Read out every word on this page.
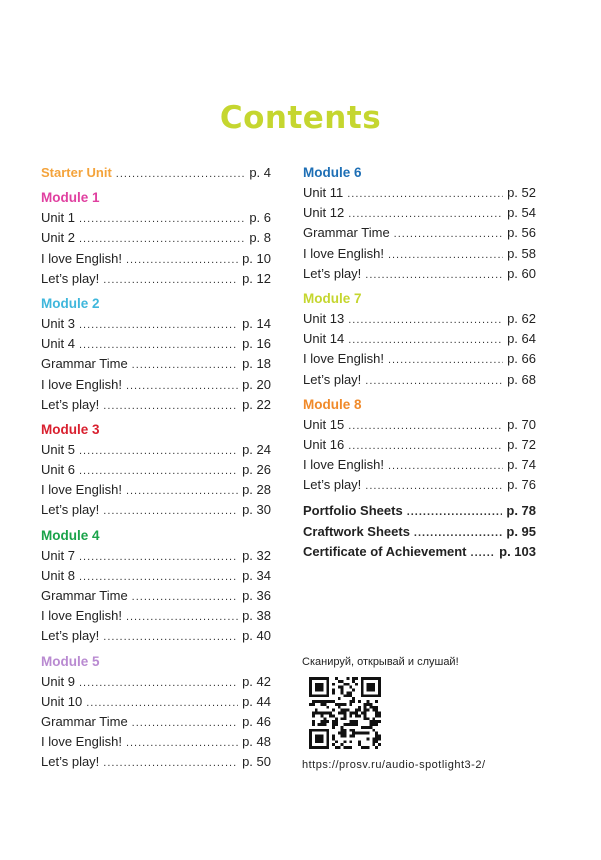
Contents
Starter Unit .....	p. 4
Module 1
Unit 1 .....	p. 6
Unit 2 .....	p. 8
I love English! .....	p. 10
Let’s play! .....	p. 12
Module 2
Unit 3 .....	p. 14
Unit 4 .....	p. 16
Grammar Time .....	p. 18
I love English! .....	p. 20
Let’s play! .....	p. 22
Module 3
Unit 5 .....	p. 24
Unit 6 .....	p. 26
I love English! .....	p. 28
Let’s play! .....	p. 30
Module 4
Unit 7 .....	p. 32
Unit 8 .....	p. 34
Grammar Time .....	p. 36
I love English! .....	p. 38
Let’s play! .....	p. 40
Module 5
Unit 9 .....	p. 42
Unit 10 .....	p. 44
Grammar Time .....	p. 46
I love English! .....	p. 48
Let’s play! .....	p. 50
Module 6
Unit 11 .....	p. 52
Unit 12 .....	p. 54
Grammar Time .....	p. 56
I love English! .....	p. 58
Let’s play! .....	p. 60
Module 7
Unit 13 .....	p. 62
Unit 14 .....	p. 64
I love English! .....	p. 66
Let’s play! .....	p. 68
Module 8
Unit 15 .....	p. 70
Unit 16 .....	p. 72
I love English! .....	p. 74
Let’s play! .....	p. 76
Portfolio Sheets .....	p. 78
Craftwork Sheets .....	p. 95
Certificate of Achievement .....	p. 103
Сканируй, открывай и слушай!
https://prosv.ru/audio-spotlight3-2/
